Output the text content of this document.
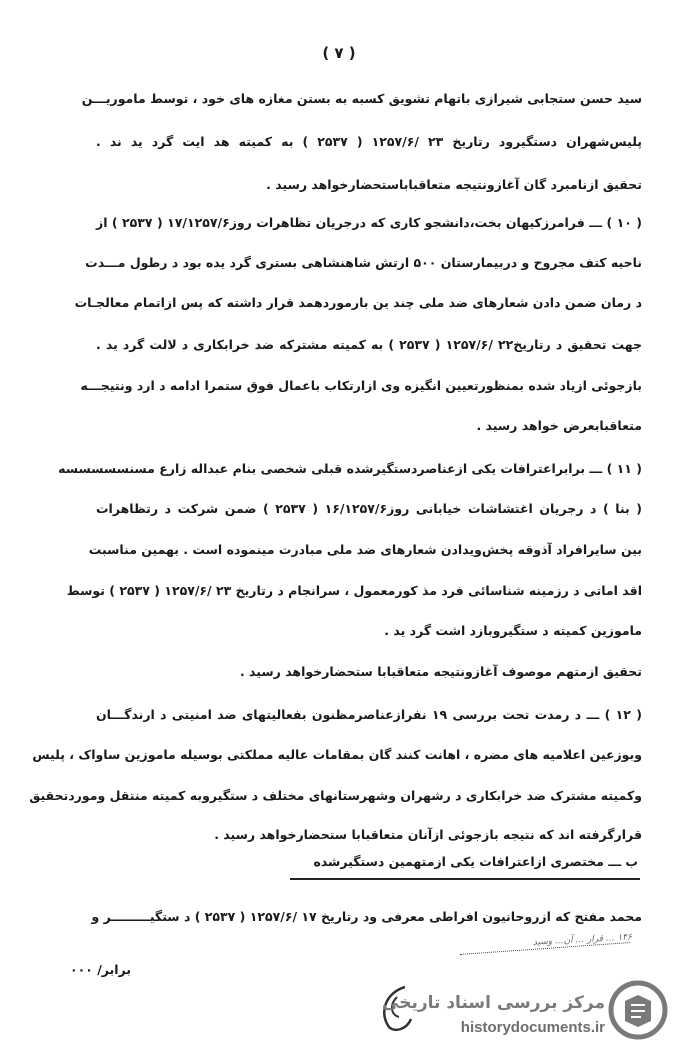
( ٧ )
سید حسن ستجابی شیرازی باتهام تشویق کسبه به بستن مغازه های خود ، توسط ماموریـــن
پلیس‌شهران دستگیرود رتاریخ ۲۳ /۱۲۵۷/۶ ( ۲۵۳۷ ) به کمیته هد ایت گرد ید ند .
تحقیق ازنامبرد گان آغازونتیجه متعاقباباستحضارخواهد رسید .
( ۱۰ ) ـــ فرامرزکیهان بخت،دانشجو کاری که درجریان تظاهرات روز۱۷/۱۲۵۷/۶ ( ۲۵۳۷ ) از
ناحیه کتف مجروح و دربیمارستان ۵۰۰ ارتش شاهنشاهی بستری گرد یده بود د رطول مـــدت
د رمان ضمن دادن شعارهای ضد ملی چند ین بارموردهمد قرار داشته که پس ازاتمام معالجـات
جهت تحقیق د رتاریخ۲۲ /۱۲۵۷/۶ ( ۲۵۳۷ ) به کمیته مشترکه ضد خرابکاری د لالت گرد ید .
بازجوئی ازیاد شده بمنظورتعیین انگیزه وی ازارتکاب باعمال فوق ستمرا ادامه د ارد ونتیجـــه
متعاقبابعرض خواهد رسید .
( ۱۱ ) ـــ برابراعترافات یکی ازعناصردستگیرشده قبلی شخصی بنام عبداله زارع مسنسسسسسه
( بنا ) د رجریان اغتشاشات خیابانی روز۱۶/۱۲۵۷/۶ ( ۲۵۳۷ ) ضمن شرکت د رتظاهرات
بین سایرافراد آذوقه پخش‌ویدادن شعارهای ضد ملی مبادرت مینموده است . بهمین مناسبت
اقد اماتی د رزمینه شناسائی فرد مذ کورمعمول ، سرانجام د رتاریخ ۲۳ /۱۲۵۷/۶ ( ۲۵۳۷ ) توسط
ماموزین کمیته د ستگیروبازد اشت گرد ید .
تحقیق ازمتهم موصوف آغازونتیجه متعاقبابا ستحضارخواهد رسید .
( ۱۲ ) ـــ د رمدت تحت بررسی ۱۹ نفرازعناصرمظنون بفعالیتهای ضد امنیتی د ارندگـــان
وبوزعین اعلامیه های مضره ، اهانت کنند گان بمقامات عالیه مملکتی بوسیله ماموزین ساواک ، پلیس
وکمیته مشترک ضد خرابکاری د رشهران وشهرستانهای مختلف د ستگیروبه کمیته منتقل وموردتحقیق
قرارگرفته اند که نتیجه بازجوئی ازآنان متعاقبابا ستحضارخواهد رسید .
ب ـــ مختصری ازاعترافات یکی ازمتهمین دستگیرشده
محمد مفتح که ازروحانیون افراطی معرفی ود رتاریخ ۱۷ /۱۲۵۷/۶ ( ۲۵۳۷ ) د ستگیـــــــــر و
۱۴۶ ... قرار ... آن... وسید
برابر/ ۰۰۰
مرکز بررسی اسناد تاریخی
historydocuments.ir
